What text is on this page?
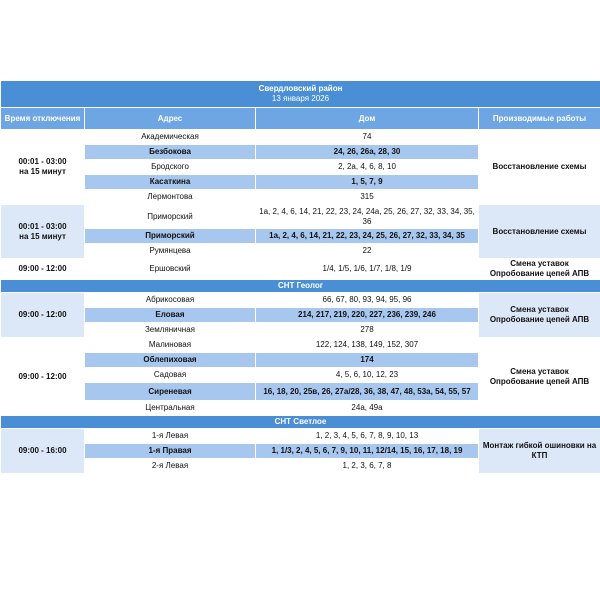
Свердловский район
13 января 2026			

Время отключения	Адрес	Дом	Производимые работы

00:01 - 03:00
на 15 минут	Академическая	74	Восстановление схемы

	Безбокова	24, 26, 26а, 28, 30	
	Бродского	2, 2а, 4, 6, 8, 10	
	Касаткина	1, 5, 7, 9	
	Лермонтова	315	

00:01 - 03:00
на 15 минут	Приморский	1а, 2, 4, 6, 14, 21, 22, 23, 24, 24а, 25, 26, 27, 32, 33, 34, 35, 36	Восстановление схемы

	Приморский	1а, 2, 4, 6, 14, 21, 22, 23, 24, 25, 26, 27, 32, 33, 34, 35	
	Румянцева	22	

09:00 - 12:00	Ершовский	1/4, 1/5, 1/6, 1/7, 1/8, 1/9	Смена уставок
Опробование цепей АПВ

СНТ Геолог			

09:00 - 12:00	Абрикосовая	66, 67, 80, 93, 94, 95, 96	Смена уставок
Опробование цепей АПВ

	Еловая	214, 217, 219, 220, 227, 236, 239, 246	
	Земляничная	278	

09:00 - 12:00	Малиновая	122, 124, 138, 149, 152, 307	Смена уставок
Опробование цепей АПВ

	Облепиховая	174	
	Садовая	4, 5, 6, 10, 12, 23	
	Сиреневая	16, 18, 20, 25в, 26, 27а/28, 36, 38, 47, 48, 53а, 54, 55, 57	
	Центральная	24а, 49а	
СНТ Светлое			

09:00 - 16:00	1-я Левая	1, 2, 3, 4, 5, 6, 7, 8, 9, 10, 13	Монтаж гибкой ошиновки на КТП

	1-я Правая	1, 1/3, 2, 4, 5, 6, 7, 9, 10, 11, 12/14, 15, 16, 17, 18, 19	
	2-я Левая	1, 2, 3, 6, 7, 8	
